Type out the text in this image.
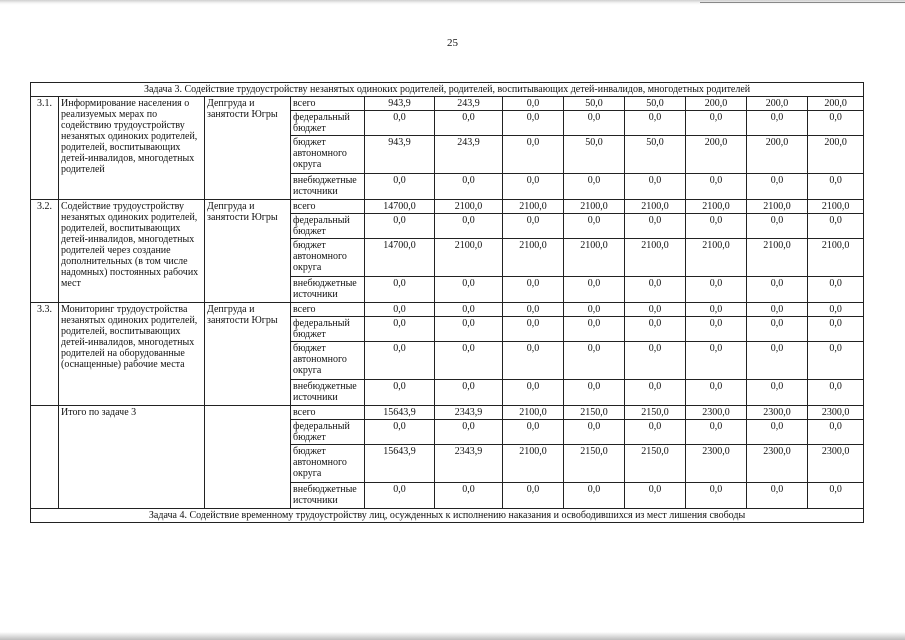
25
Задача 3. Содействие трудоустройству незанятых одиноких родителей, родителей, воспитывающих детей-инвалидов, многодетных родителей											
3.1.	Информирование населения о реализуемых мерах по содействию трудоустройству незанятых одиноких родителей, родителей, воспитывающих детей-инвалидов, многодетных родителей	Депгруда и занятости Югры	всего	943,9	243,9	0,0	50,0	50,0	200,0	200,0	200,0
			федеральный бюджет	0,0	0,0	0,0	0,0	0,0	0,0	0,0	0,0
			бюджет автономного округа	943,9	243,9	0,0	50,0	50,0	200,0	200,0	200,0
			внебюджетные источники	0,0	0,0	0,0	0,0	0,0	0,0	0,0	0,0
3.2.	Содействие трудоустройству незанятых одиноких родителей, родителей, воспитывающих детей-инвалидов, многодетных родителей через создание дополнительных (в том числе надомных) постоянных рабочих мест	Депгруда и занятости Югры	всего	14700,0	2100,0	2100,0	2100,0	2100,0	2100,0	2100,0	2100,0
			федеральный бюджет	0,0	0,0	0,0	0,0	0,0	0,0	0,0	0,0
			бюджет автономного округа	14700,0	2100,0	2100,0	2100,0	2100,0	2100,0	2100,0	2100,0
			внебюджетные источники	0,0	0,0	0,0	0,0	0,0	0,0	0,0	0,0
3.3.	Мониторинг трудоустройства незанятых одиноких родителей, родителей, воспитывающих детей-инвалидов, многодетных родителей на оборудованные (оснащенные) рабочие места	Депгруда и занятости Югры	всего	0,0	0,0	0,0	0,0	0,0	0,0	0,0	0,0
			федеральный бюджет	0,0	0,0	0,0	0,0	0,0	0,0	0,0	0,0
			бюджет автономного округа	0,0	0,0	0,0	0,0	0,0	0,0	0,0	0,0
			внебюджетные источники	0,0	0,0	0,0	0,0	0,0	0,0	0,0	0,0
	Итого по задаче 3		всего	15643,9	2343,9	2100,0	2150,0	2150,0	2300,0	2300,0	2300,0
			федеральный бюджет	0,0	0,0	0,0	0,0	0,0	0,0	0,0	0,0
			бюджет автономного округа	15643,9	2343,9	2100,0	2150,0	2150,0	2300,0	2300,0	2300,0
			внебюджетные источники	0,0	0,0	0,0	0,0	0,0	0,0	0,0	0,0
Задача 4. Содействие временному трудоустройству лиц, осужденных к исполнению наказания и освободившихся из мест лишения свободы											
